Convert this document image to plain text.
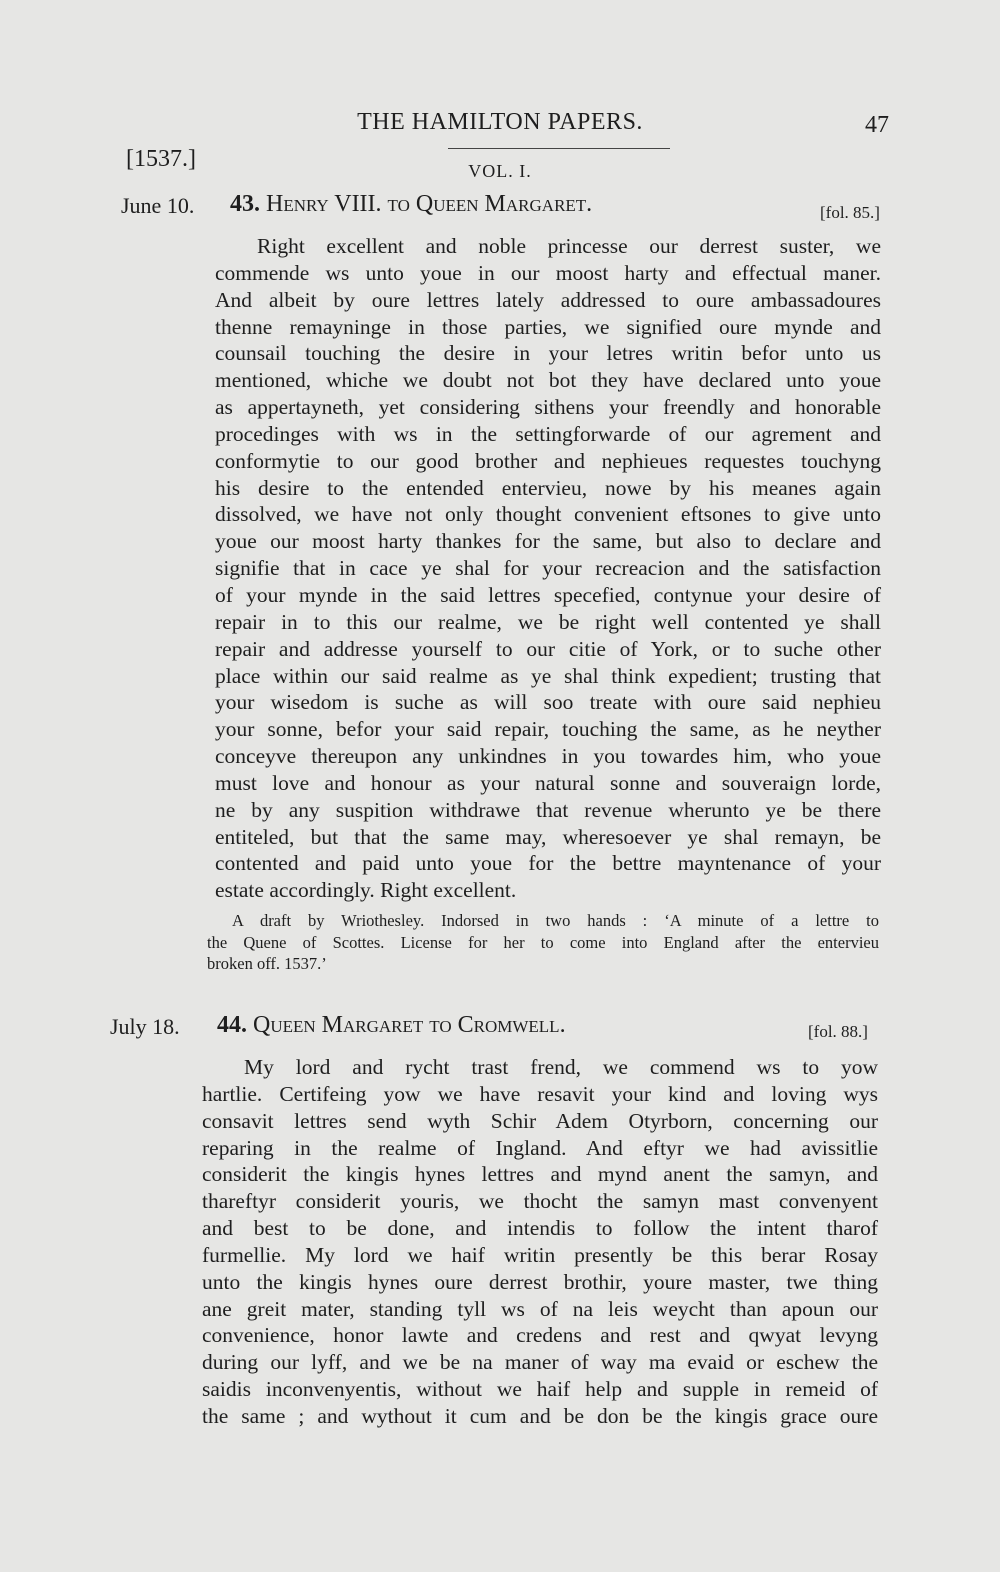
THE HAMILTON PAPERS.	47
[1537.]	VOL. I.
June 10. 43. Henry VIII. to Queen Margaret.	[fol. 85.]
Right excellent and noble princesse our derrest suster, we
commende ws unto youe in our moost harty and effectual maner.
And albeit by oure lettres lately addressed to oure ambassadoures
thenne remayninge in those parties, we signified oure mynde and
counsail touching the desire in your letres writin befor unto us
mentioned, whiche we doubt not bot they have declared unto youe
as appertayneth, yet considering sithens your freendly and honorable
procedinges with ws in the settingforwarde of our agrement and
conformytie to our good brother and nephieues requestes touchyng
his desire to the entended entervieu, nowe by his meanes again
dissolved, we have not only thought convenient eftsones to give unto
youe our moost harty thankes for the same, but also to declare and
signifie that in cace ye shal for your recreacion and the satisfaction
of your mynde in the said lettres specefied, contynue your desire of
repair in to this our realme, we be right well contented ye shall
repair and addresse yourself to our citie of York, or to suche other
place within our said realme as ye shal think expedient; trusting that
your wisedom is suche as will soo treate with oure said nephieu
your sonne, befor your said repair, touching the same, as he neyther
conceyve thereupon any unkindnes in you towardes him, who youe
must love and honour as your natural sonne and souveraign lorde,
ne by any suspition withdrawe that revenue wherunto ye be there
entiteled, but that the same may, wheresoever ye shal remayn, be
contented and paid unto youe for the bettre mayntenance of your
estate accordingly. Right excellent.
A draft by Wriothesley. Indorsed in two hands : ‘A minute of a lettre to
the Quene of Scottes. License for her to come into England after the entervieu
broken off. 1537.’
July 18. 44. Queen Margaret to Cromwell.	[fol. 88.]
My lord and rycht trast frend, we commend ws to yow
hartlie. Certifeing yow we have resavit your kind and loving wys
consavit lettres send wyth Schir Adem Otyrborn, concerning our
reparing in the realme of Ingland. And eftyr we had avissitlie
considerit the kingis hynes lettres and mynd anent the samyn, and
thareftyr considerit youris, we thocht the samyn mast convenyent
and best to be done, and intendis to follow the intent tharof
furmellie. My lord we haif writin presently be this berar Rosay
unto the kingis hynes oure derrest brothir, youre master, twe thing
ane greit mater, standing tyll ws of na leis weycht than apoun our
convenience, honor lawte and credens and rest and qwyat levyng
during our lyff, and we be na maner of way ma evaid or eschew the
saidis inconvenyentis, without we haif help and supple in remeid of
the same ; and wythout it cum and be don be the kingis grace oure
